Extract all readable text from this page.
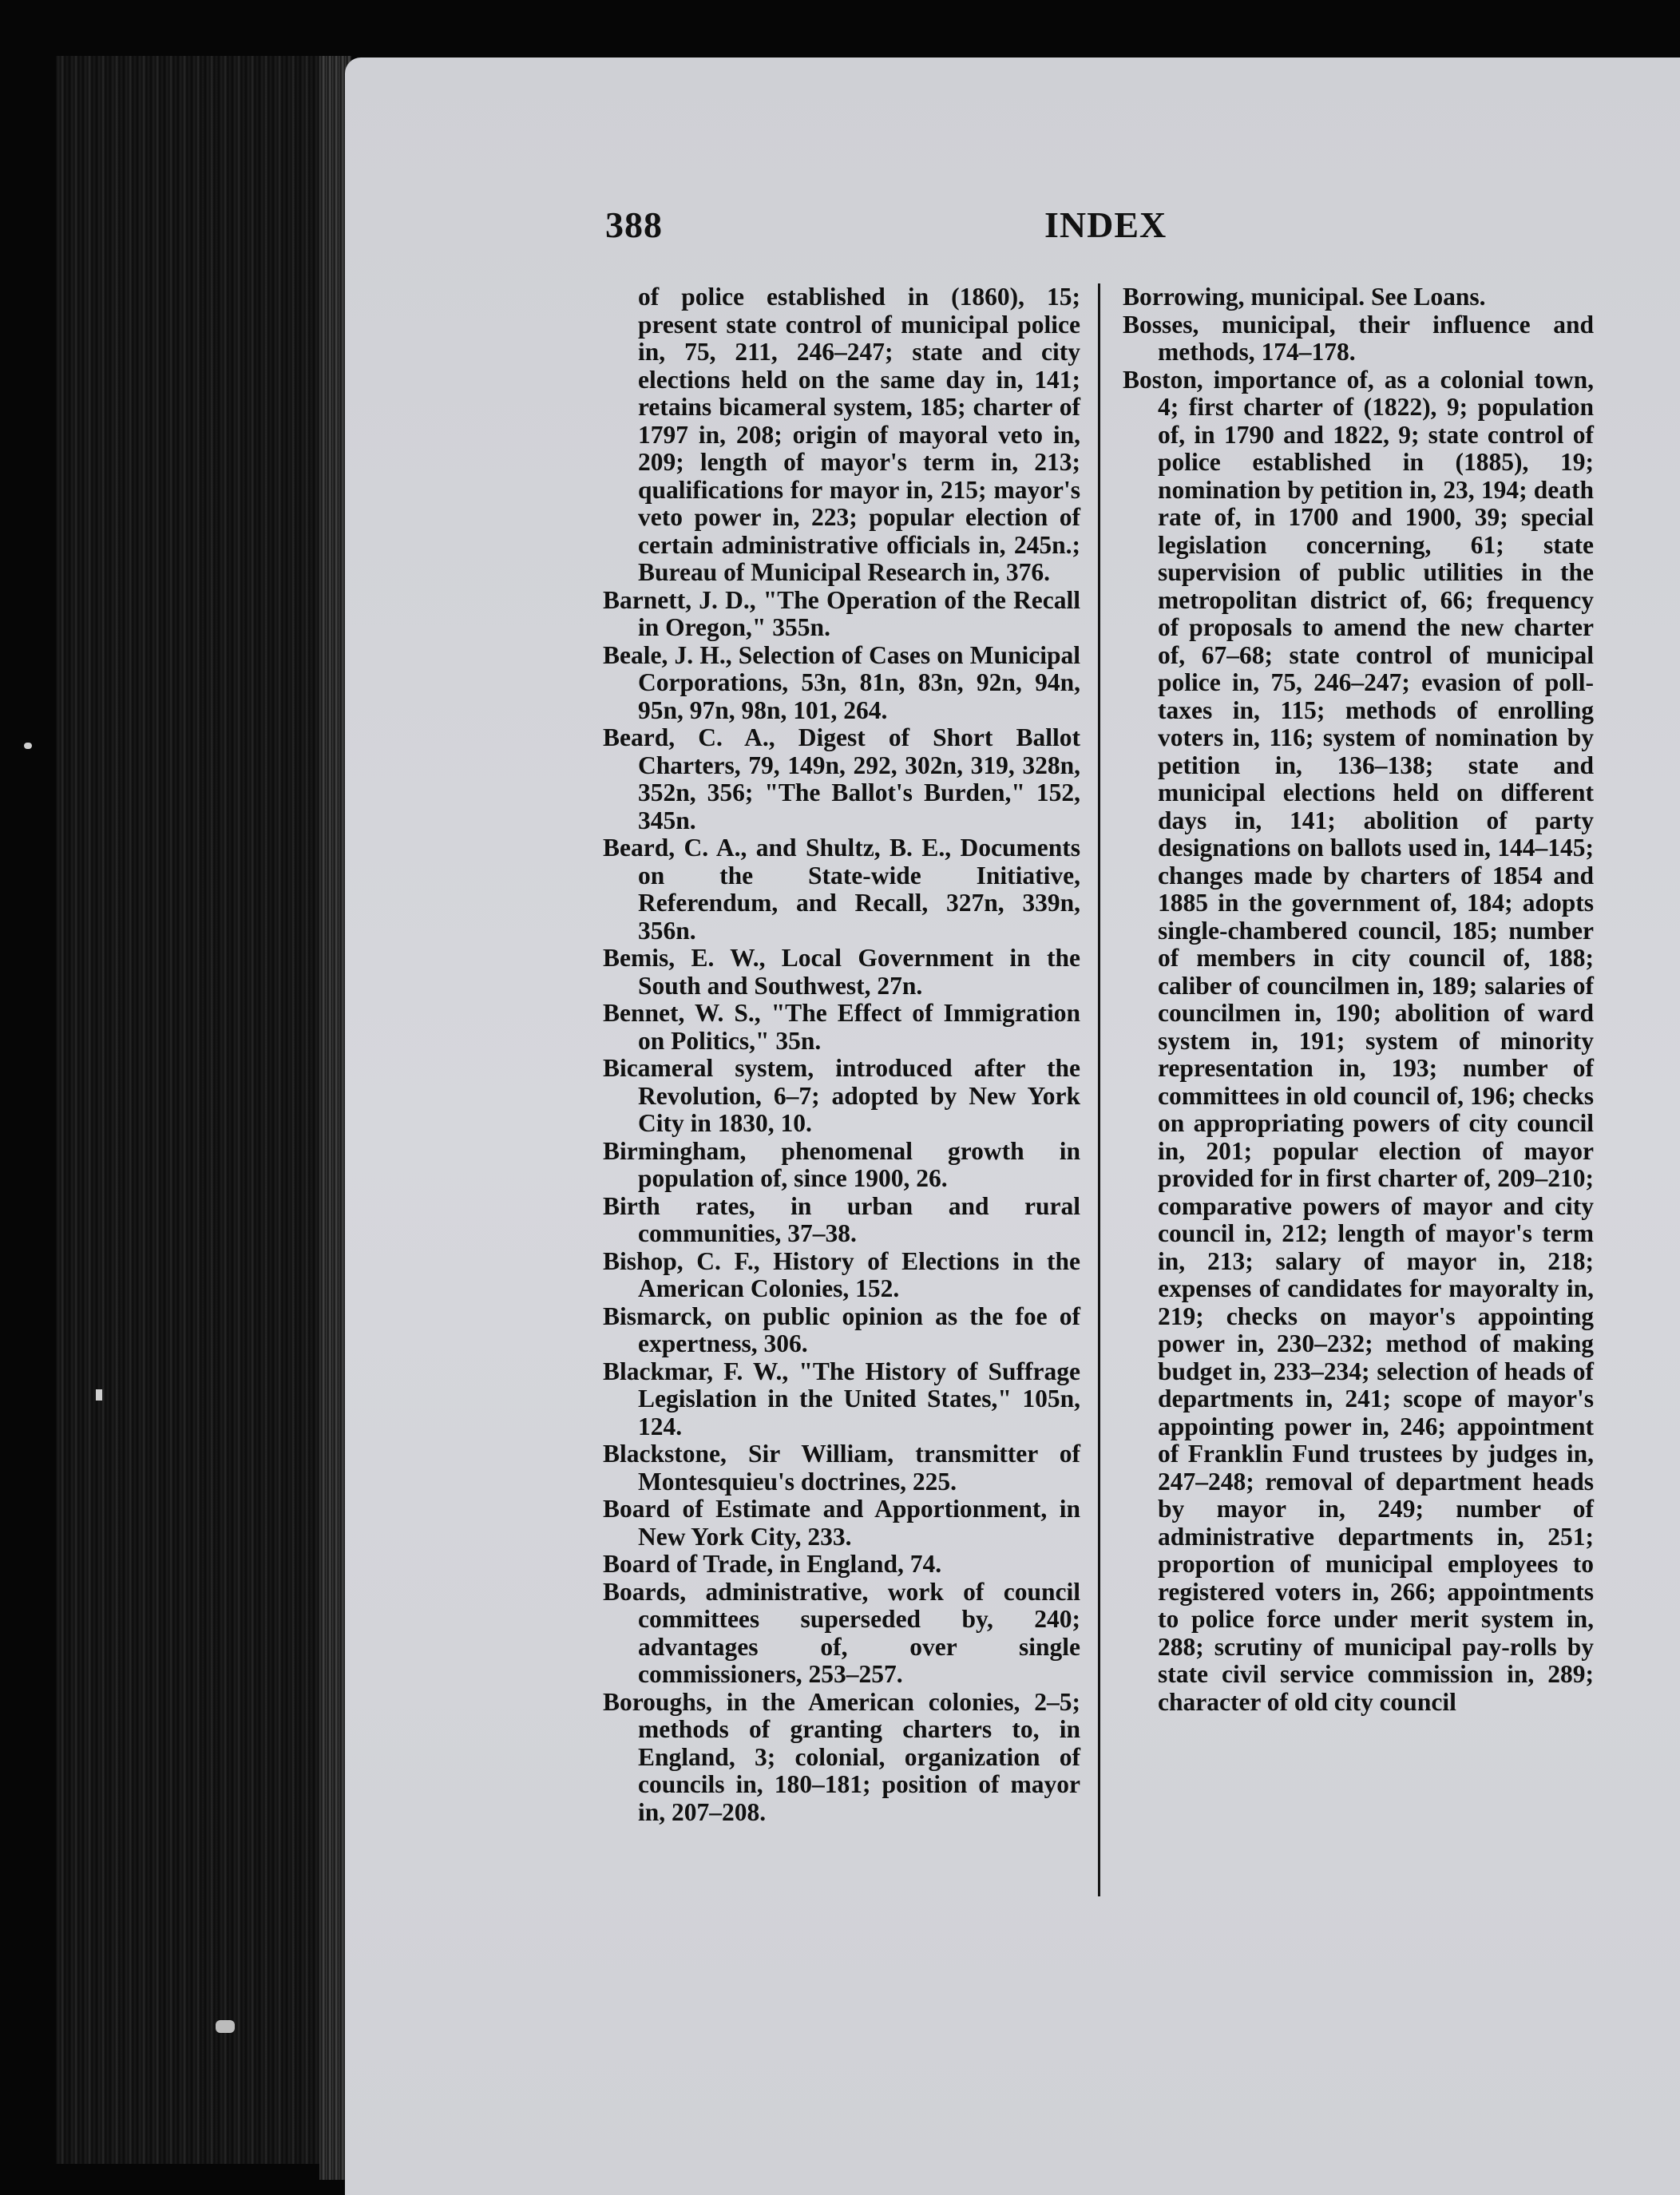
388	INDEX

of police established in (1860), 15; present state control of municipal police in, 75, 211, 246–247; state and city elections held on the same day in, 141; retains bicameral system, 185; charter of 1797 in, 208; origin of mayoral veto in, 209; length of mayor's term in, 213; qualifications for mayor in, 215; mayor's veto power in, 223; popular election of certain administrative officials in, 245n.; Bureau of Municipal Research in, 376.

Barnett, J. D., "The Operation of the Recall in Oregon," 355n.

Beale, J. H., Selection of Cases on Municipal Corporations, 53n, 81n, 83n, 92n, 94n, 95n, 97n, 98n, 101, 264.

Beard, C. A., Digest of Short Ballot Charters, 79, 149n, 292, 302n, 319, 328n, 352n, 356; "The Ballot's Burden," 152, 345n.

Beard, C. A., and Shultz, B. E., Documents on the State-wide Initiative, Referendum, and Recall, 327n, 339n, 356n.

Bemis, E. W., Local Government in the South and Southwest, 27n.

Bennet, W. S., "The Effect of Immigration on Politics," 35n.

Bicameral system, introduced after the Revolution, 6–7; adopted by New York City in 1830, 10.

Birmingham, phenomenal growth in population of, since 1900, 26.

Birth rates, in urban and rural communities, 37–38.

Bishop, C. F., History of Elections in the American Colonies, 152.

Bismarck, on public opinion as the foe of expertness, 306.

Blackmar, F. W., "The History of Suffrage Legislation in the United States," 105n, 124.

Blackstone, Sir William, transmitter of Montesquieu's doctrines, 225.

Board of Estimate and Apportionment, in New York City, 233.

Board of Trade, in England, 74.

Boards, administrative, work of council committees superseded by, 240; advantages of, over single commissioners, 253–257.

Boroughs, in the American colonies, 2–5; methods of granting charters to, in England, 3; colonial, organization of councils in, 180–181; position of mayor in, 207–208.

Borrowing, municipal. See Loans.

Bosses, municipal, their influence and methods, 174–178.

Boston, importance of, as a colonial town, 4; first charter of (1822), 9; population of, in 1790 and 1822, 9; state control of police established in (1885), 19; nomination by petition in, 23, 194; death rate of, in 1700 and 1900, 39; special legislation concerning, 61; state supervision of public utilities in the metropolitan district of, 66; frequency of proposals to amend the new charter of, 67–68; state control of municipal police in, 75, 246–247; evasion of poll-taxes in, 115; methods of enrolling voters in, 116; system of nomination by petition in, 136–138; state and municipal elections held on different days in, 141; abolition of party designations on ballots used in, 144–145; changes made by charters of 1854 and 1885 in the government of, 184; adopts single-chambered council, 185; number of members in city council of, 188; caliber of councilmen in, 189; salaries of councilmen in, 190; abolition of ward system in, 191; system of minority representation in, 193; number of committees in old council of, 196; checks on appropriating powers of city council in, 201; popular election of mayor provided for in first charter of, 209–210; comparative powers of mayor and city council in, 212; length of mayor's term in, 213; salary of mayor in, 218; expenses of candidates for mayoralty in, 219; checks on mayor's appointing power in, 230–232; method of making budget in, 233–234; selection of heads of departments in, 241; scope of mayor's appointing power in, 246; appointment of Franklin Fund trustees by judges in, 247–248; removal of department heads by mayor in, 249; number of administrative departments in, 251; proportion of municipal employees to registered voters in, 266; appointments to police force under merit system in, 288; scrutiny of municipal pay-rolls by state civil service commission in, 289; character of old city council
